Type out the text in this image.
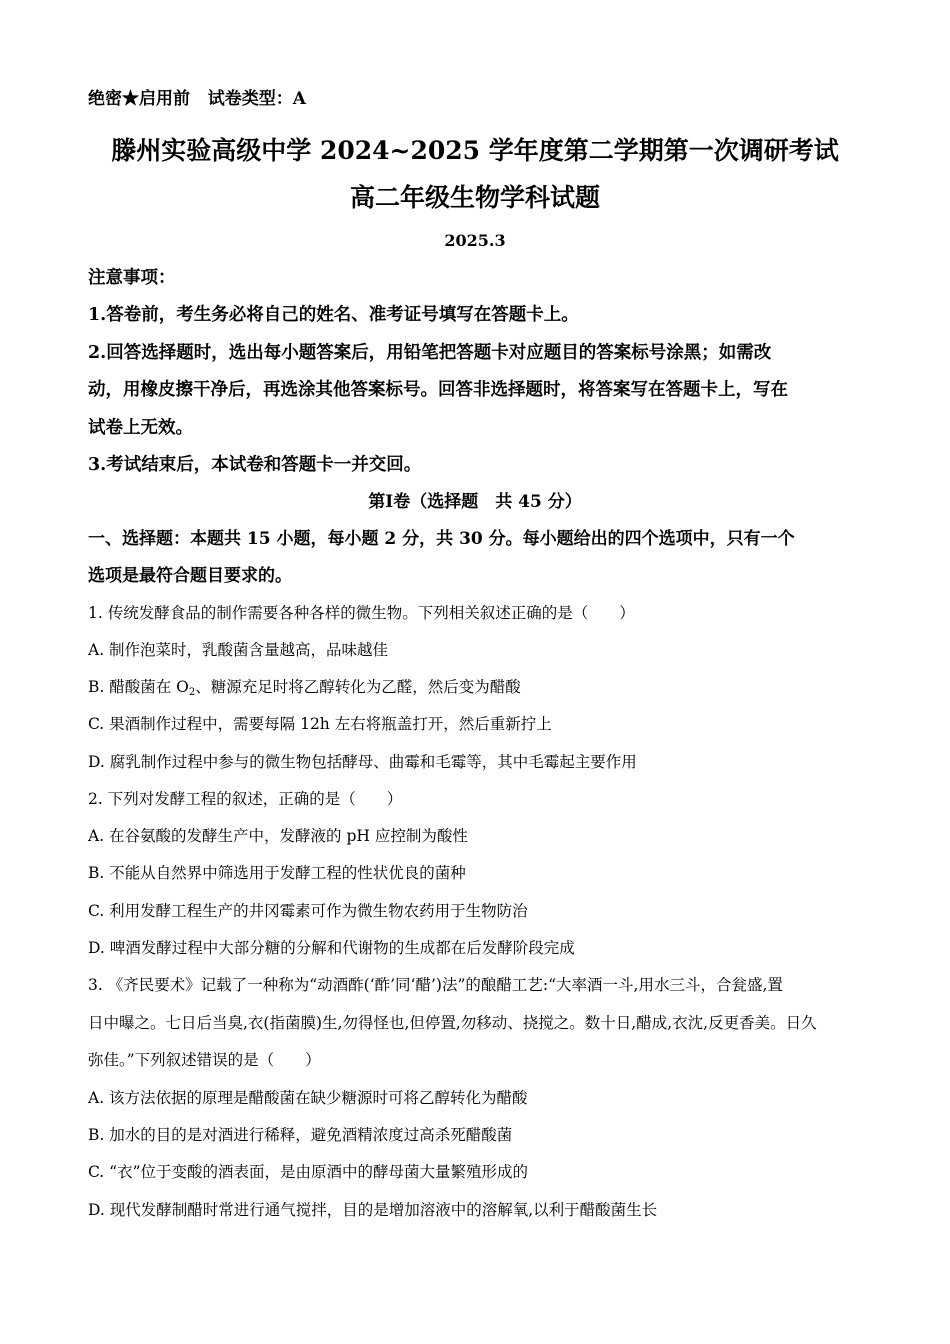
绝密★启用前 试卷类型：A
滕州实验高级中学 2024~2025 学年度第二学期第一次调研考试
高二年级生物学科试题
2025.3
注意事项：
1.答卷前，考生务必将自己的姓名、准考证号填写在答题卡上。
2.回答选择题时，选出每小题答案后，用铅笔把答题卡对应题目的答案标号涂黑；如需改
动，用橡皮擦干净后，再选涂其他答案标号。回答非选择题时，将答案写在答题卡上，写在
试卷上无效。
3.考试结束后，本试卷和答题卡一并交回。
第Ⅰ卷（选择题　共 45 分）
一、选择题：本题共 15 小题，每小题 2 分，共 30 分。每小题给出的四个选项中，只有一个
选项是最符合题目要求的。
1. 传统发酵食品的制作需要各种各样的微生物。下列相关叙述正确的是（　　）
A. 制作泡菜时，乳酸菌含量越高，品味越佳
B. 醋酸菌在 $O_2$、糖源充足时将乙醇转化为乙醛，然后变为醋酸
C. 果酒制作过程中，需要每隔 12h 左右将瓶盖打开，然后重新拧上
D. 腐乳制作过程中参与的微生物包括酵母、曲霉和毛霉等，其中毛霉起主要作用
2. 下列对发酵工程的叙述，正确的是（　　）
A. 在谷氨酸的发酵生产中，发酵液的 pH 应控制为酸性
B. 不能从自然界中筛选用于发酵工程的性状优良的菌种
C. 利用发酵工程生产的井冈霉素可作为微生物农药用于生物防治
D. 啤酒发酵过程中大部分糖的分解和代谢物的生成都在后发酵阶段完成
3. 《齐民要术》记载了一种称为“动酒酢(‘酢’同‘醋’)法”的酿醋工艺:“大率酒一斗,用水三斗，合瓮盛,置
日中曝之。七日后当臭,衣(指菌膜)生,勿得怪也,但停置,勿移动、挠搅之。数十日,醋成,衣沈,反更香美。日久
弥佳。”下列叙述错误的是（　　）
A. 该方法依据的原理是醋酸菌在缺少糖源时可将乙醇转化为醋酸
B. 加水的目的是对酒进行稀释，避免酒精浓度过高杀死醋酸菌
C. “衣”位于变酸的酒表面，是由原酒中的酵母菌大量繁殖形成的
D. 现代发酵制醋时常进行通气搅拌，目的是增加溶液中的溶解氧,以利于醋酸菌生长
